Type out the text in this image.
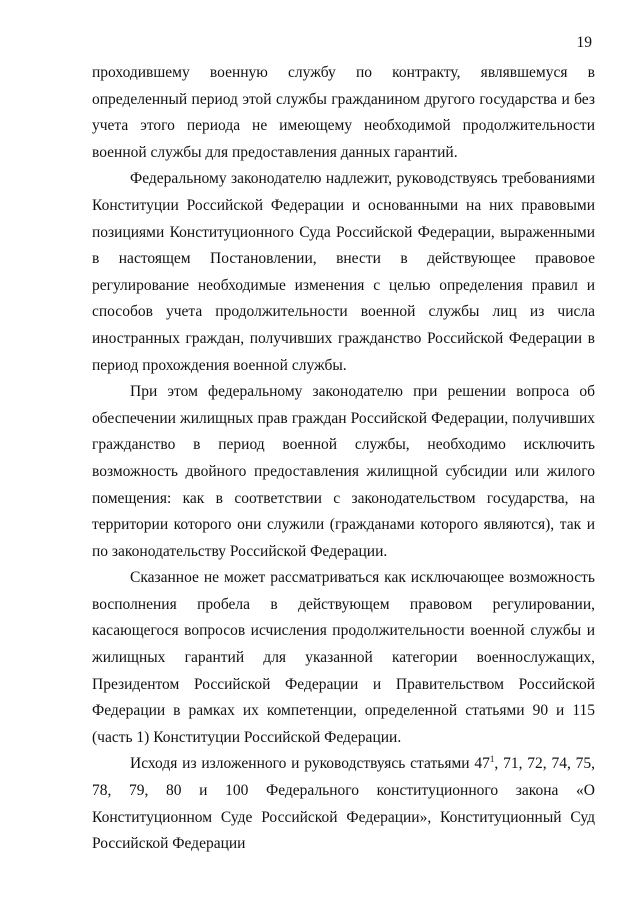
19

проходившему военную службу по контракту, являвшемуся в определенный период этой службы гражданином другого государства и без учета этого периода не имеющему необходимой продолжительности военной службы для предоставления данных гарантий.

Федеральному законодателю надлежит, руководствуясь требованиями Конституции Российской Федерации и основанными на них правовыми позициями Конституционного Суда Российской Федерации, выраженными в настоящем Постановлении, внести в действующее правовое регулирование необходимые изменения с целью определения правил и способов учета продолжительности военной службы лиц из числа иностранных граждан, получивших гражданство Российской Федерации в период прохождения военной службы.

При этом федеральному законодателю при решении вопроса об обеспечении жилищных прав граждан Российской Федерации, получивших гражданство в период военной службы, необходимо исключить возможность двойного предоставления жилищной субсидии или жилого помещения: как в соответствии с законодательством государства, на территории которого они служили (гражданами которого являются), так и по законодательству Российской Федерации.

Сказанное не может рассматриваться как исключающее возможность восполнения пробела в действующем правовом регулировании, касающегося вопросов исчисления продолжительности военной службы и жилищных гарантий для указанной категории военнослужащих, Президентом Российской Федерации и Правительством Российской Федерации в рамках их компетенции, определенной статьями 90 и 115 (часть 1) Конституции Российской Федерации.

Исходя из изложенного и руководствуясь статьями $47^1$, 71, 72, 74, 75, 78, 79, 80 и 100 Федерального конституционного закона «О Конституционном Суде Российской Федерации», Конституционный Суд Российской Федерации
